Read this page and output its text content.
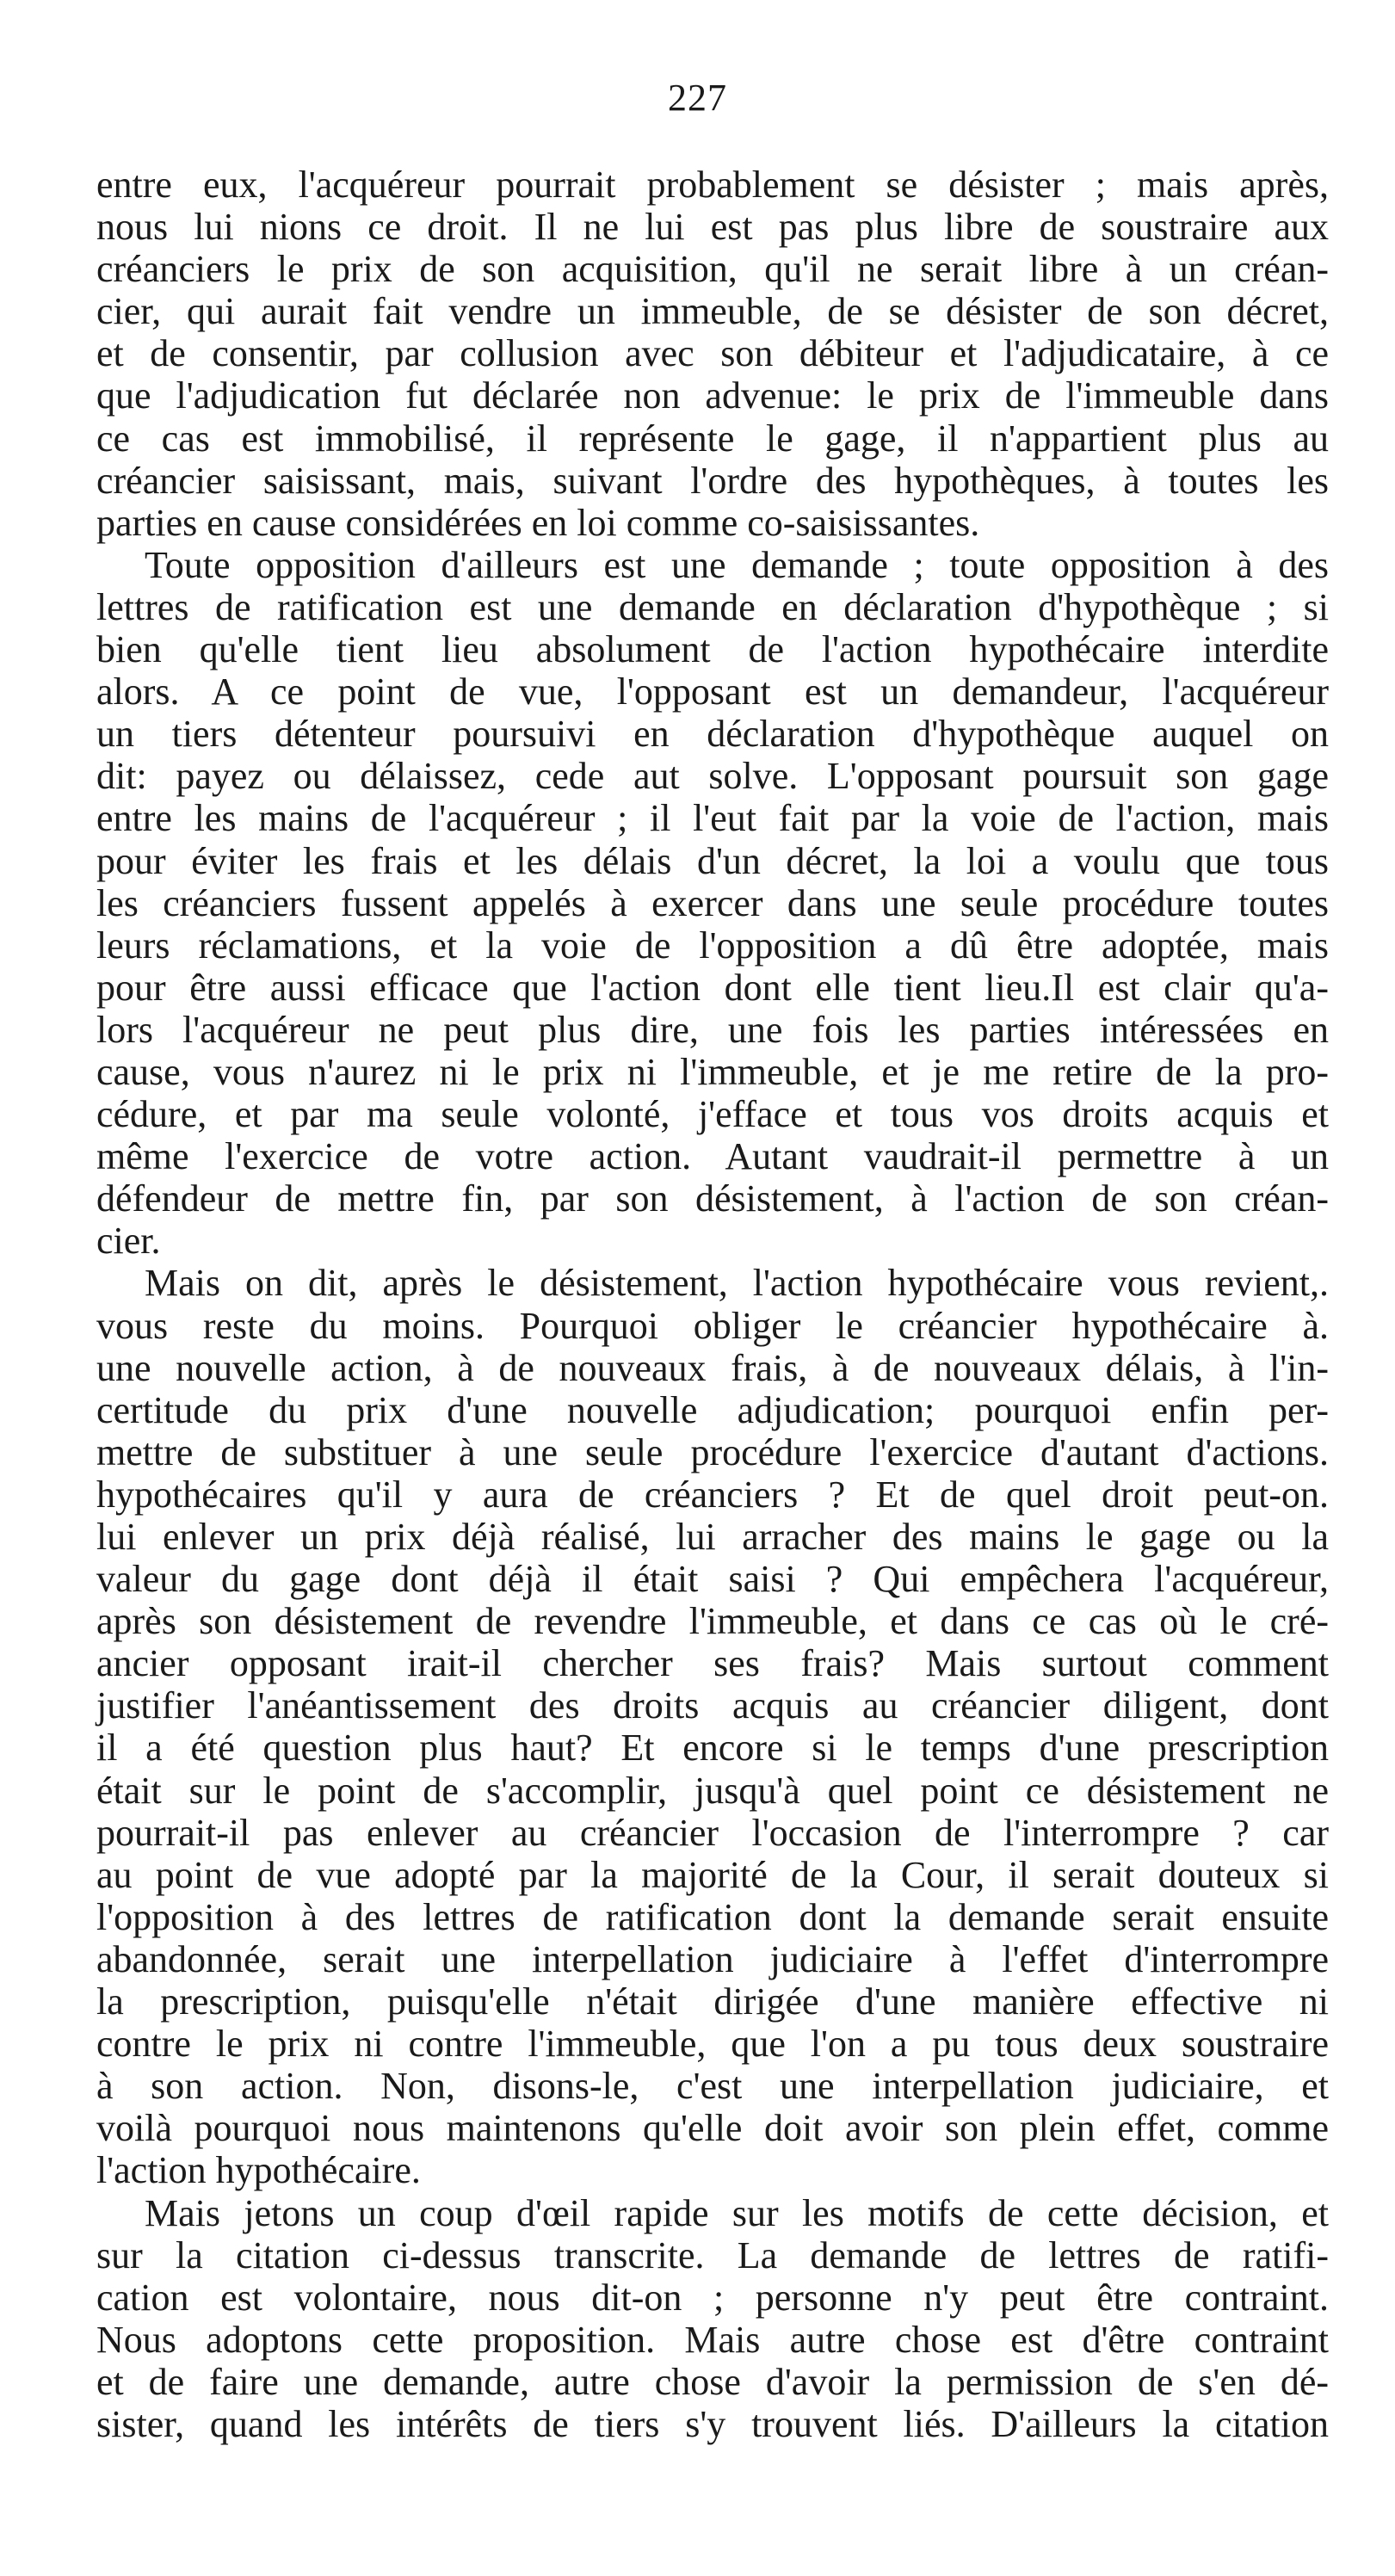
227
entre eux, l'acquéreur pourrait probablement se désister ; mais après,
nous lui nions ce droit. Il ne lui est pas plus libre de soustraire aux
créanciers le prix de son acquisition, qu'il ne serait libre à un créan-
cier, qui aurait fait vendre un immeuble, de se désister de son décret,
et de consentir, par collusion avec son débiteur et l'adjudicataire, à ce
que l'adjudication fut déclarée non advenue: le prix de l'immeuble dans
ce cas est immobilisé, il représente le gage, il n'appartient plus au
créancier saisissant, mais, suivant l'ordre des hypothèques, à toutes les
parties en cause considérées en loi comme co-saisissantes.
Toute opposition d'ailleurs est une demande ; toute opposition à des
lettres de ratification est une demande en déclaration d'hypothèque ; si
bien qu'elle tient lieu absolument de l'action hypothécaire interdite
alors. A ce point de vue, l'opposant est un demandeur, l'acquéreur
un tiers détenteur poursuivi en déclaration d'hypothèque auquel on
dit: payez ou délaissez, cede aut solve. L'opposant poursuit son gage
entre les mains de l'acquéreur ; il l'eut fait par la voie de l'action, mais
pour éviter les frais et les délais d'un décret, la loi a voulu que tous
les créanciers fussent appelés à exercer dans une seule procédure toutes
leurs réclamations, et la voie de l'opposition a dû être adoptée, mais
pour être aussi efficace que l'action dont elle tient lieu.Il est clair qu'a-
lors l'acquéreur ne peut plus dire, une fois les parties intéressées en
cause, vous n'aurez ni le prix ni l'immeuble, et je me retire de la pro-
cédure, et par ma seule volonté, j'efface et tous vos droits acquis et
même l'exercice de votre action. Autant vaudrait-il permettre à un
défendeur de mettre fin, par son désistement, à l'action de son créan-
cier.
Mais on dit, après le désistement, l'action hypothécaire vous revient,.
vous reste du moins. Pourquoi obliger le créancier hypothécaire à.
une nouvelle action, à de nouveaux frais, à de nouveaux délais, à l'in-
certitude du prix d'une nouvelle adjudication; pourquoi enfin per-
mettre de substituer à une seule procédure l'exercice d'autant d'actions.
hypothécaires qu'il y aura de créanciers ? Et de quel droit peut-on.
lui enlever un prix déjà réalisé, lui arracher des mains le gage ou la
valeur du gage dont déjà il était saisi ? Qui empêchera l'acquéreur,
après son désistement de revendre l'immeuble, et dans ce cas où le cré-
ancier opposant irait-il chercher ses frais? Mais surtout comment
justifier l'anéantissement des droits acquis au créancier diligent, dont
il a été question plus haut? Et encore si le temps d'une prescription
était sur le point de s'accomplir, jusqu'à quel point ce désistement ne
pourrait-il pas enlever au créancier l'occasion de l'interrompre ? car
au point de vue adopté par la majorité de la Cour, il serait douteux si
l'opposition à des lettres de ratification dont la demande serait ensuite
abandonnée, serait une interpellation judiciaire à l'effet d'interrompre
la prescription, puisqu'elle n'était dirigée d'une manière effective ni
contre le prix ni contre l'immeuble, que l'on a pu tous deux soustraire
à son action. Non, disons-le, c'est une interpellation judiciaire, et
voilà pourquoi nous maintenons qu'elle doit avoir son plein effet, comme
l'action hypothécaire.
Mais jetons un coup d'œil rapide sur les motifs de cette décision, et
sur la citation ci-dessus transcrite. La demande de lettres de ratifi-
cation est volontaire, nous dit-on ; personne n'y peut être contraint.
Nous adoptons cette proposition. Mais autre chose est d'être contraint
et de faire une demande, autre chose d'avoir la permission de s'en dé-
sister, quand les intérêts de tiers s'y trouvent liés. D'ailleurs la citation
